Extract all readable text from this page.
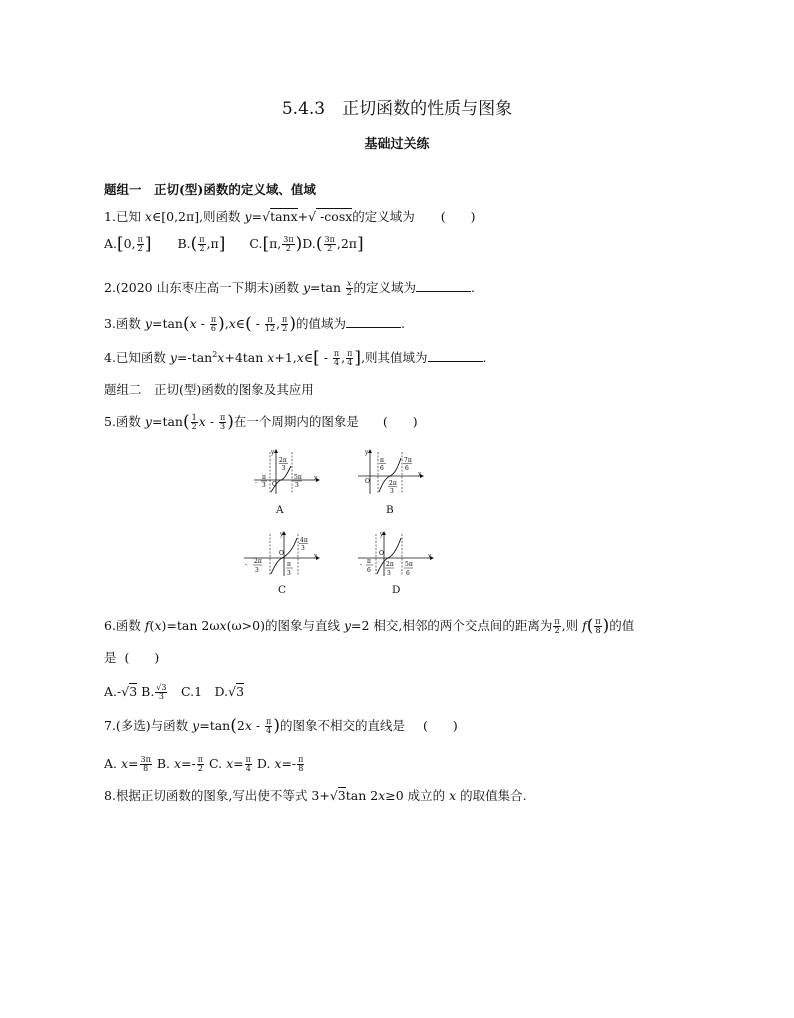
5.4.3　正切函数的性质与图象
基础过关练
题组一　正切(型)函数的定义域、值域
1.已知 x∈[0,2π],则函数 y=√tanx+√ -cosx的定义域为 (　　)
A.[0, $\frac{\pi}{2}$ ] $B.( \frac{\pi}{2} ,\pi]$ C.[π, $\frac{3\pi}{2} )D.( \frac{3\pi}{2} ,2\pi]$
2.(2020 山东枣庄高一下期末)函数 $y=\tan \frac{x}{2}$ 的定义域为	.
3.函数 $y=\tan(x - \frac{\pi}{6}$ ),x∈( - $\frac{\pi}{12}$ , $\frac{\pi}{2}$ )的值域为	.
4.已知函数 $y=-\tan^2x+4\tan$ x+1,x∈[ - $\frac{\pi}{4}$ , $\frac{\pi}{4}$ ],则其值域为	.
题组二　正切(型)函数的图象及其应用
5.函数 $y=\tan( \frac{1}{2}$ x - $\frac{\pi}{3}$ )在一个周期内的图象是 (　　)
y
x
O
2π
3
-
π
3
5π
3
A
y
x
O
π
6
7π
6
2π
3
B
y
x
O
4π
3
- 2π
3
π
3
C
y
x
O
- π
6
2π
3
5π
6
D
6.函数 f(x)=tan 2ωx(ω>0)的图象与直线 y=2 相交,相邻的两个交点间的距离为 $\frac{\pi}{2}$ ,则 $f( \frac{\pi}{8}$ )的值
是 (　　)
A.-√3 B. $\frac{√3}{3}$ 　C.1　D.√3
7.(多选)与函数 $y=\tan(2x - \frac{\pi}{4}$ )的图象不相交的直线是 (　　)
A. $x= \frac{3\pi}{8} B$. $x=- \frac{\pi}{2} C$. $x= \frac{\pi}{4} D$. $x=- \frac{\pi}{8}$
8.根据正切函数的图象,写出使不等式 3+√3tan 2x≥0 成立的 x 的取值集合.
